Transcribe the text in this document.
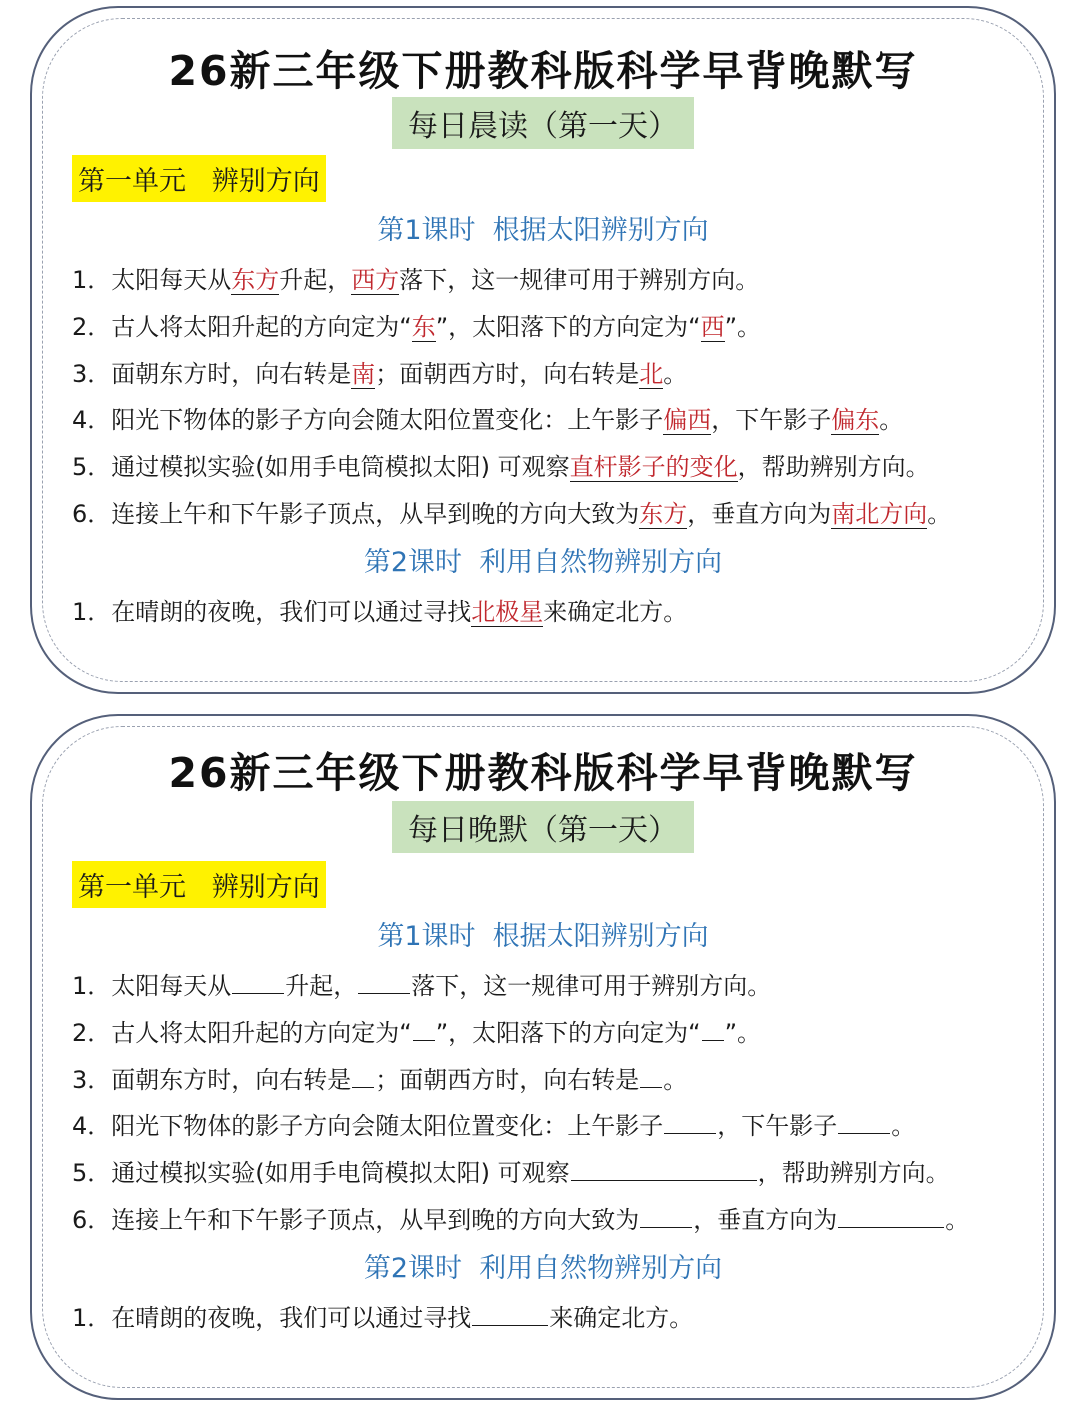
26新三年级下册教科版科学早背晚默写
每日晨读（第一天）
第一单元   辨别方向
第1课时  根据太阳辨别方向
1．太阳每天从东方升起，西方落下，这一规律可用于辨别方向。
2．古人将太阳升起的方向定为“东”，太阳落下的方向定为“西”。
3．面朝东方时，向右转是南；面朝西方时，向右转是北。
4．阳光下物体的影子方向会随太阳位置变化：上午影子偏西，下午影子偏东。
5．通过模拟实验(如用手电筒模拟太阳) 可观察直杆影子的变化，帮助辨别方向。
6．连接上午和下午影子顶点，从早到晚的方向大致为东方，垂直方向为南北方向。
第2课时  利用自然物辨别方向
1．在晴朗的夜晚，我们可以通过寻找北极星来确定北方。
26新三年级下册教科版科学早背晚默写
每日晚默（第一天）
第一单元   辨别方向
第1课时  根据太阳辨别方向
1．太阳每天从 升起， 落下，这一规律可用于辨别方向。
2．古人将太阳升起的方向定为“ ”，太阳落下的方向定为“ ”。
3．面朝东方时，向右转是 ；面朝西方时，向右转是 。
4．阳光下物体的影子方向会随太阳位置变化：上午影子 ，下午影子 。
5．通过模拟实验(如用手电筒模拟太阳) 可观察	，帮助辨别方向。
6．连接上午和下午影子顶点，从早到晚的方向大致为 ，垂直方向为	。
第2课时  利用自然物辨别方向
1．在晴朗的夜晚，我们可以通过寻找	来确定北方。
